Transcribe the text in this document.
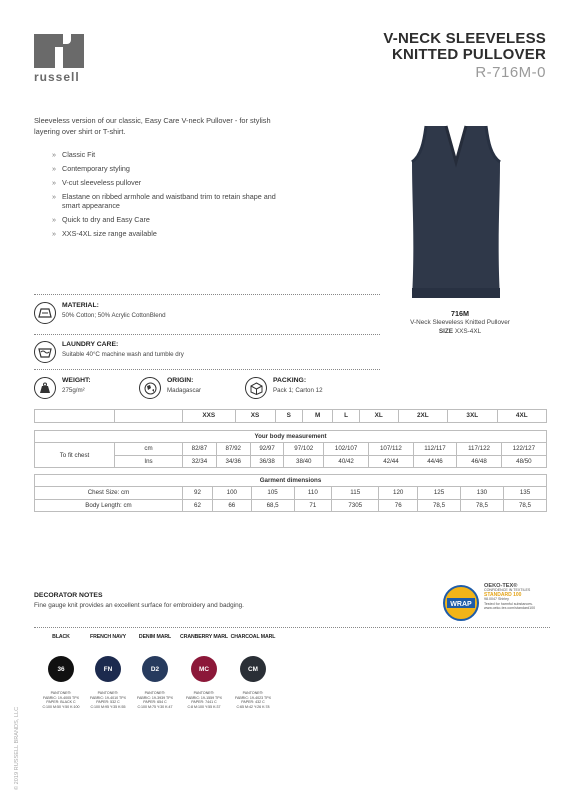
russell
V-NECK SLEEVELESS
KNITTED PULLOVER
R-716M-0
Sleeveless version of our classic, Easy Care V-neck Pullover - for stylish layering over shirt or T-shirt.
» Classic Fit
» Contemporary styling
» V-cut sleeveless pullover
» Elastane on ribbed armhole and waistband trim to retain shape and smart appearance
» Quick to dry and Easy Care
» XXS-4XL size range available
716M
V-Neck Sleeveless Knitted Pullover
SIZE XXS-4XL
MATERIAL:
50% Cotton; 50% Acrylic CottonBlend
LAUNDRY CARE:
Suitable 40°C machine wash and tumble dry
WEIGHT:
275g/m²
ORIGIN:
Madagascar
PACKING:
Pack 1; Carton 12
		XXS	XS	S	M	L	XL	2XL	3XL	4XL
Your body measurement										
To fit chest	cm	82/87	87/92	92/97	97/102	102/107	107/112	112/117	117/122	122/127
	Ins	32/34	34/36	36/38	38/40	40/42	42/44	44/46	46/48	48/50
Garment dimensions									
Chest Size: cm	92	100	105	110	115	120	125	130	135
Body Length: cm	62	66	68,5	71	7305	76	78,5	78,5	78,5
DECORATOR NOTES
Fine gauge knit provides an excellent surface for embroidery and badging.	WRAP
OEKO-TEX®
CONFIDENCE IN TEXTILES
STANDARD 100
98.0047 Shirley
Tested for harmful substances. www.oeko-tex.com/standard100
BLACK
36
PANTONE®:
FABRIC: 19-4005 TPX
PAPER: BLACK C
C:100 M:50 Y:50 K:100
FRENCH NAVY
FN
PANTONE®:
FABRIC: 19-4010 TPX
PAPER: 532 C
C:100 M:95 Y:35 K:55
DENIM MARL
D2
PANTONE®:
FABRIC: 19-3939 TPX
PAPER: 654 C
C:100 M:75 Y:30 K:47
CRANBERRY MARL
MC
PANTONE®:
FABRIC: 19-1559 TPX
PAPER: 7441 C
C:8 M:100 Y:55 K:37
CHARCOAL MARL
CM
PANTONE®:
FABRIC: 19-4023 TPX
PAPER: 432 C
C:65 M:42 Y:26 K:78
© 2019 RUSSELL BRANDS, LLC
